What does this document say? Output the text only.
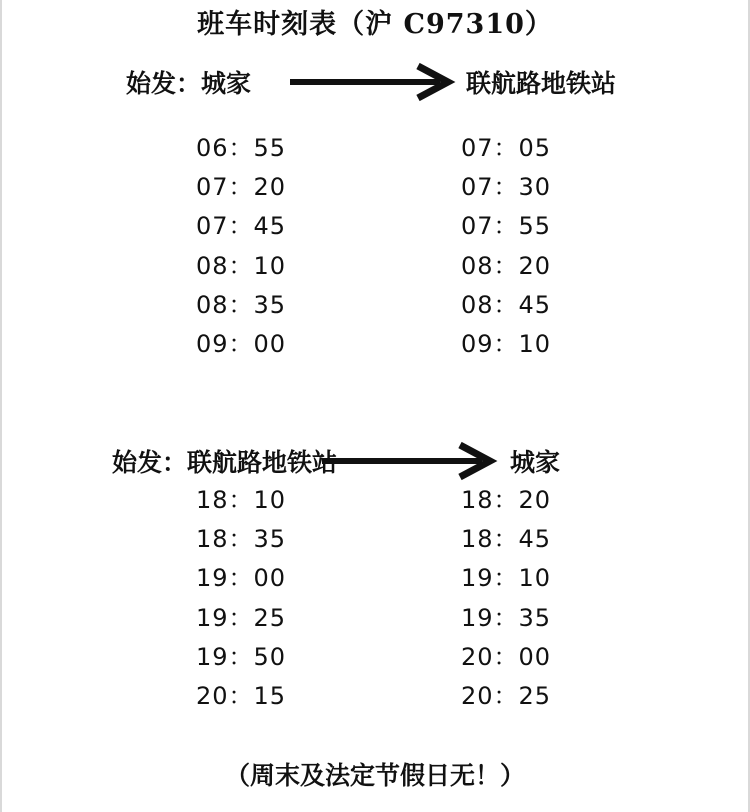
班车时刻表（沪 C97310）
始发：城家	联航路地铁站
06：55
07：20
07：45
08：10
08：35
09：00
07：05
07：30
07：55
08：20
08：45
09：10
始发：联航路地铁站	城家
18：10
18：35
19：00
19：25
19：50
20：15
18：20
18：45
19：10
19：35
20：00
20：25
（周末及法定节假日无！）
